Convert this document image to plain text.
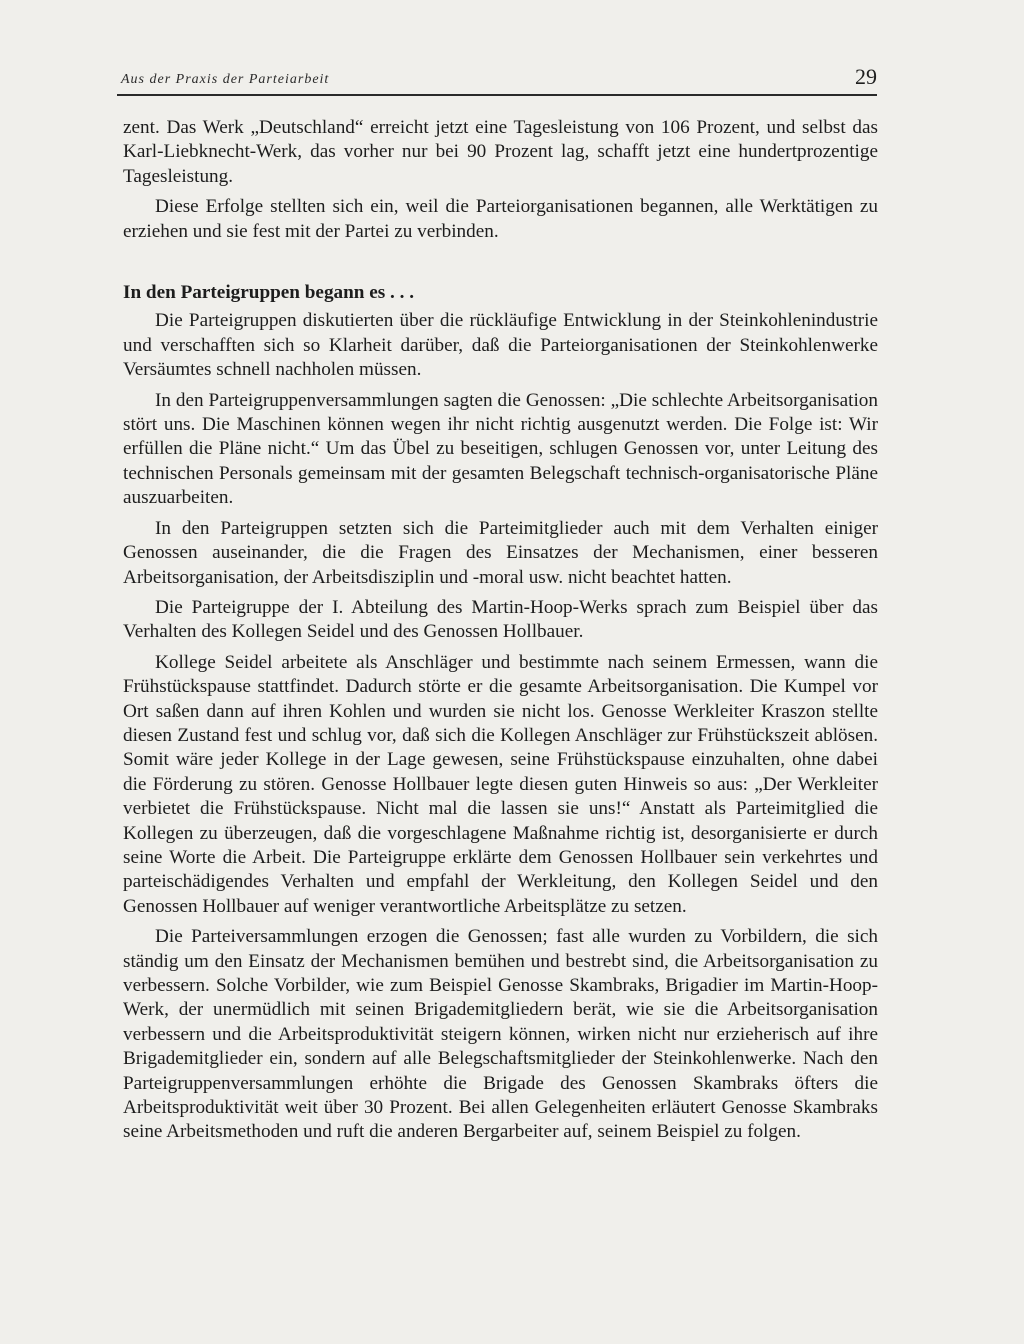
Aus der Praxis der Parteiarbeit	29

zent. Das Werk „Deutschland“ erreicht jetzt eine Tagesleistung von 106 Prozent, und selbst das Karl-Liebknecht-Werk, das vorher nur bei 90 Prozent lag, schafft jetzt eine hundertprozentige Tagesleistung.

Diese Erfolge stellten sich ein, weil die Parteiorganisationen begannen, alle Werktätigen zu erziehen und sie fest mit der Partei zu verbinden.

In den Parteigruppen begann es . . .

Die Parteigruppen diskutierten über die rückläufige Entwicklung in der Steinkohlenindustrie und verschafften sich so Klarheit darüber, daß die Parteiorganisationen der Steinkohlenwerke Versäumtes schnell nachholen müssen.

In den Parteigruppenversammlungen sagten die Genossen: „Die schlechte Arbeitsorganisation stört uns. Die Maschinen können wegen ihr nicht richtig ausgenutzt werden. Die Folge ist: Wir erfüllen die Pläne nicht.“ Um das Übel zu beseitigen, schlugen Genossen vor, unter Leitung des technischen Personals gemeinsam mit der gesamten Belegschaft technisch-organisatorische Pläne auszuarbeiten.

In den Parteigruppen setzten sich die Parteimitglieder auch mit dem Verhalten einiger Genossen auseinander, die die Fragen des Einsatzes der Mechanismen, einer besseren Arbeitsorganisation, der Arbeitsdisziplin und -moral usw. nicht beachtet hatten.

Die Parteigruppe der I. Abteilung des Martin-Hoop-Werks sprach zum Beispiel über das Verhalten des Kollegen Seidel und des Genossen Hollbauer.

Kollege Seidel arbeitete als Anschläger und bestimmte nach seinem Ermessen, wann die Frühstückspause stattfindet. Dadurch störte er die gesamte Arbeitsorganisation. Die Kumpel vor Ort saßen dann auf ihren Kohlen und wurden sie nicht los. Genosse Werkleiter Kraszon stellte diesen Zustand fest und schlug vor, daß sich die Kollegen Anschläger zur Frühstückszeit ablösen. Somit wäre jeder Kollege in der Lage gewesen, seine Frühstückspause einzuhalten, ohne dabei die Förderung zu stören. Genosse Hollbauer legte diesen guten Hinweis so aus: „Der Werkleiter verbietet die Frühstückspause. Nicht mal die lassen sie uns!“ Anstatt als Parteimitglied die Kollegen zu überzeugen, daß die vorgeschlagene Maßnahme richtig ist, desorganisierte er durch seine Worte die Arbeit. Die Parteigruppe erklärte dem Genossen Hollbauer sein verkehrtes und parteischädigendes Verhalten und empfahl der Werkleitung, den Kollegen Seidel und den Genossen Hollbauer auf weniger verantwortliche Arbeitsplätze zu setzen.

Die Parteiversammlungen erzogen die Genossen; fast alle wurden zu Vorbildern, die sich ständig um den Einsatz der Mechanismen bemühen und bestrebt sind, die Arbeitsorganisation zu verbessern. Solche Vorbilder, wie zum Beispiel Genosse Skambraks, Brigadier im Martin-Hoop-Werk, der unermüdlich mit seinen Brigademitgliedern berät, wie sie die Arbeitsorganisation verbessern und die Arbeitsproduktivität steigern können, wirken nicht nur erzieherisch auf ihre Brigademitglieder ein, sondern auf alle Belegschaftsmitglieder der Steinkohlenwerke. Nach den Parteigruppenversammlungen erhöhte die Brigade des Genossen Skambraks öfters die Arbeitsproduktivität weit über 30 Prozent. Bei allen Gelegenheiten erläutert Genosse Skambraks seine Arbeitsmethoden und ruft die anderen Bergarbeiter auf, seinem Beispiel zu folgen.
